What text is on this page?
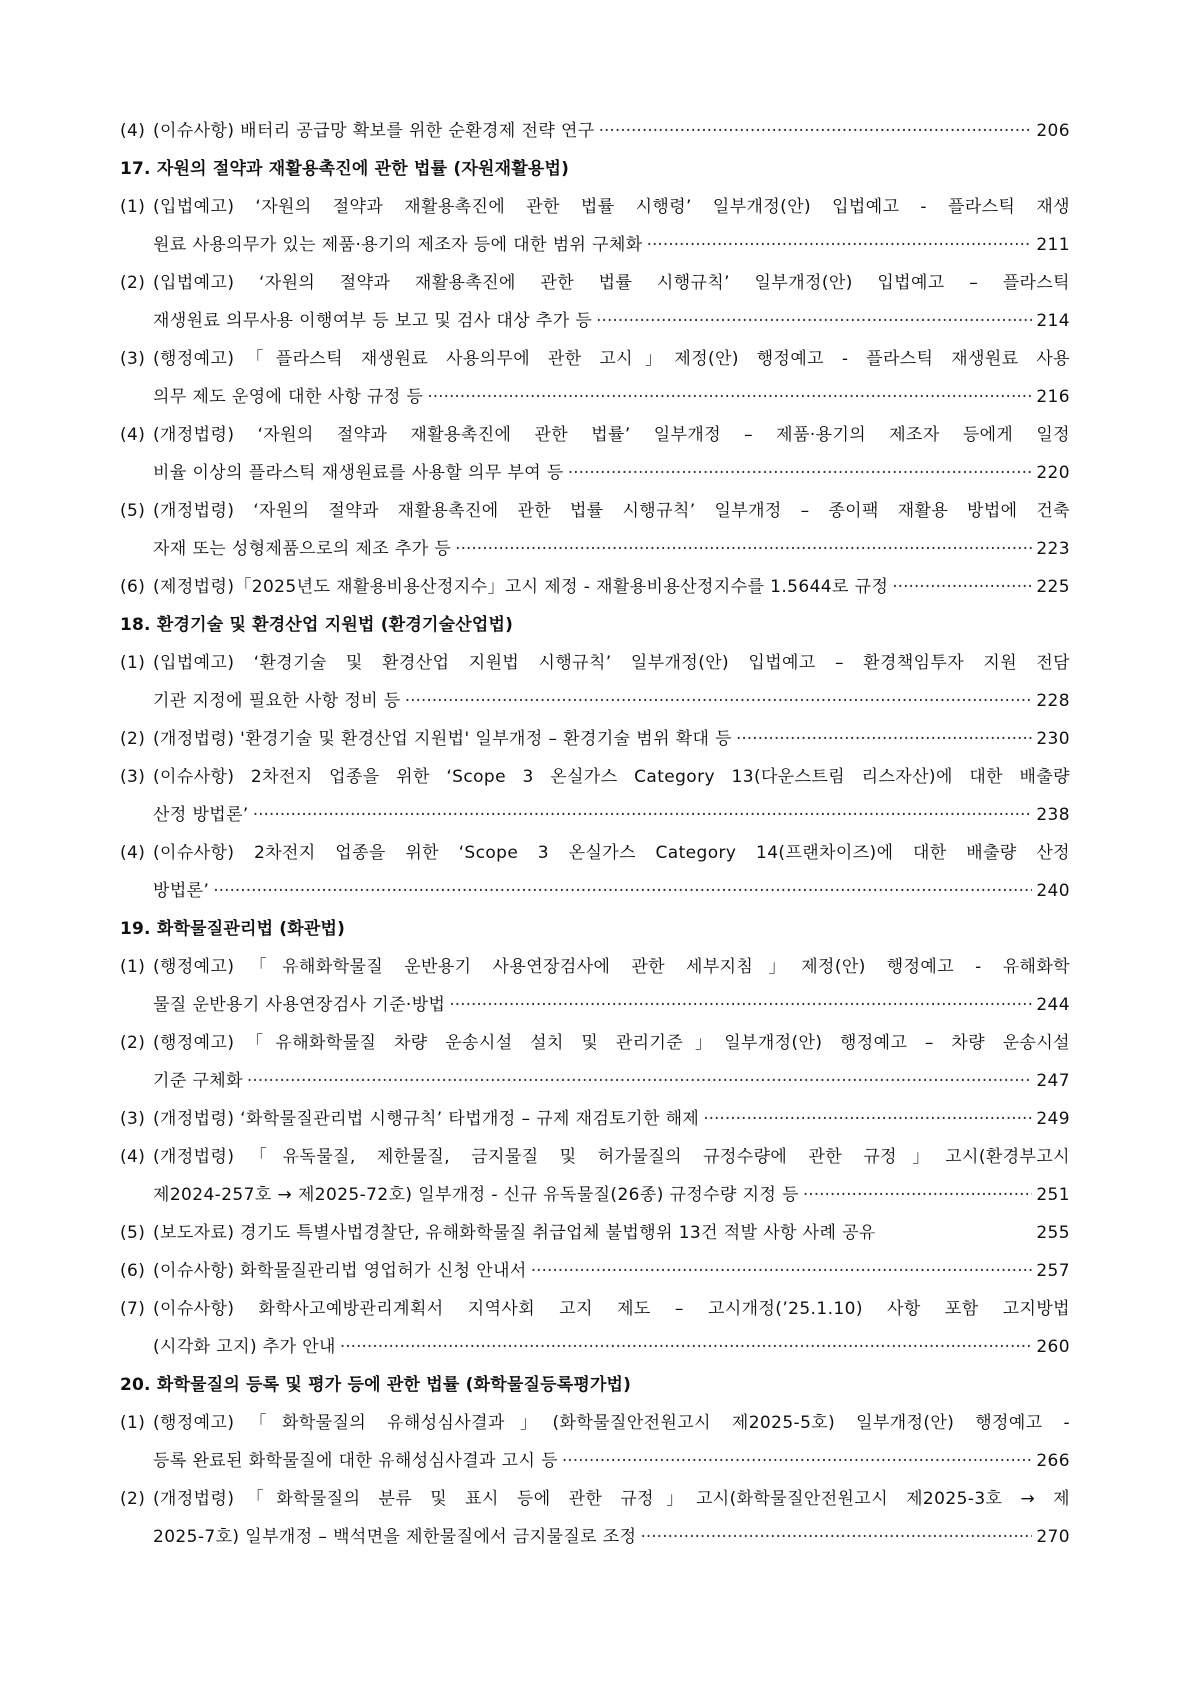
(4) (이슈사항) 배터리 공급망 확보를 위한 순환경제 전략 연구 ·····	206
17. 자원의 절약과 재활용촉진에 관한 법률 (자원재활용법)
(1) (입법예고) ‘자원의 절약과 재활용촉진에 관한 법률 시행령’ 일부개정(안) 입법예고 - 플라스틱 재생
원료 사용의무가 있는 제품·용기의 제조자 등에 대한 범위 구체화 ·····	211
(2) (입법예고) ‘자원의 절약과 재활용촉진에 관한 법률 시행규칙’ 일부개정(안) 입법예고 – 플라스틱
재생원료 의무사용 이행여부 등 보고 및 검사 대상 추가 등 ·····	214
(3) (행정예고)「플라스틱 재생원료 사용의무에 관한 고시」제정(안) 행정예고 - 플라스틱 재생원료 사용
의무 제도 운영에 대한 사항 규정 등 ·····	216
(4) (개정법령) ‘자원의 절약과 재활용촉진에 관한 법률’ 일부개정 – 제품·용기의 제조자 등에게 일정
비율 이상의 플라스틱 재생원료를 사용할 의무 부여 등 ·····	220
(5) (개정법령) ‘자원의 절약과 재활용촉진에 관한 법률 시행규칙’ 일부개정 – 종이팩 재활용 방법에 건축
자재 또는 성형제품으로의 제조 추가 등 ·····	223
(6) (제정법령)「2025년도 재활용비용산정지수」고시 제정 - 재활용비용산정지수를 1.5644로 규정 ·····	225
18. 환경기술 및 환경산업 지원법 (환경기술산업법)
(1) (입법예고) ‘환경기술 및 환경산업 지원법 시행규칙’ 일부개정(안) 입법예고 – 환경책임투자 지원 전담
기관 지정에 필요한 사항 정비 등 ·····	228
(2) (개정법령) '환경기술 및 환경산업 지원법' 일부개정 – 환경기술 범위 확대 등 ·····	230
(3) (이슈사항) 2차전지 업종을 위한 ‘Scope 3 온실가스 Category 13(다운스트림 리스자산)에 대한 배출량
산정 방법론’ ·····	238
(4) (이슈사항) 2차전지 업종을 위한 ‘Scope 3 온실가스 Category 14(프랜차이즈)에 대한 배출량 산정
방법론’ ·····	240
19. 화학물질관리법 (화관법)
(1) (행정예고)「유해화학물질 운반용기 사용연장검사에 관한 세부지침」제정(안) 행정예고 - 유해화학
물질 운반용기 사용연장검사 기준·방법 ·····	244
(2) (행정예고)「유해화학물질 차량 운송시설 설치 및 관리기준」일부개정(안) 행정예고 – 차량 운송시설
기준 구체화 ·····	247
(3) (개정법령) ‘화학물질관리법 시행규칙’ 타법개정 – 규제 재검토기한 해제 ·····	249
(4) (개정법령)「유독물질, 제한물질, 금지물질 및 허가물질의 규정수량에 관한 규정」고시(환경부고시
제2024-257호 → 제2025-72호) 일부개정 - 신규 유독물질(26종) 규정수량 지정 등 ·····	251
(5) (보도자료) 경기도 특별사법경찰단, 유해화학물질 취급업체 불법행위 13건 적발 사항 사례 공유	255
(6) (이슈사항) 화학물질관리법 영업허가 신청 안내서 ·····	257
(7) (이슈사항) 화학사고예방관리계획서 지역사회 고지 제도 – 고시개정(’25.1.10) 사항 포함 고지방법
(시각화 고지) 추가 안내 ·····	260
20. 화학물질의 등록 및 평가 등에 관한 법률 (화학물질등록평가법)
(1) (행정예고)「화학물질의 유해성심사결과」(화학물질안전원고시 제2025-5호) 일부개정(안) 행정예고 -
등록 완료된 화학물질에 대한 유해성심사결과 고시 등 ·····	266
(2) (개정법령)「화학물질의 분류 및 표시 등에 관한 규정」고시(화학물질안전원고시 제2025-3호 → 제
2025-7호) 일부개정 – 백석면을 제한물질에서 금지물질로 조정 ·····	270
